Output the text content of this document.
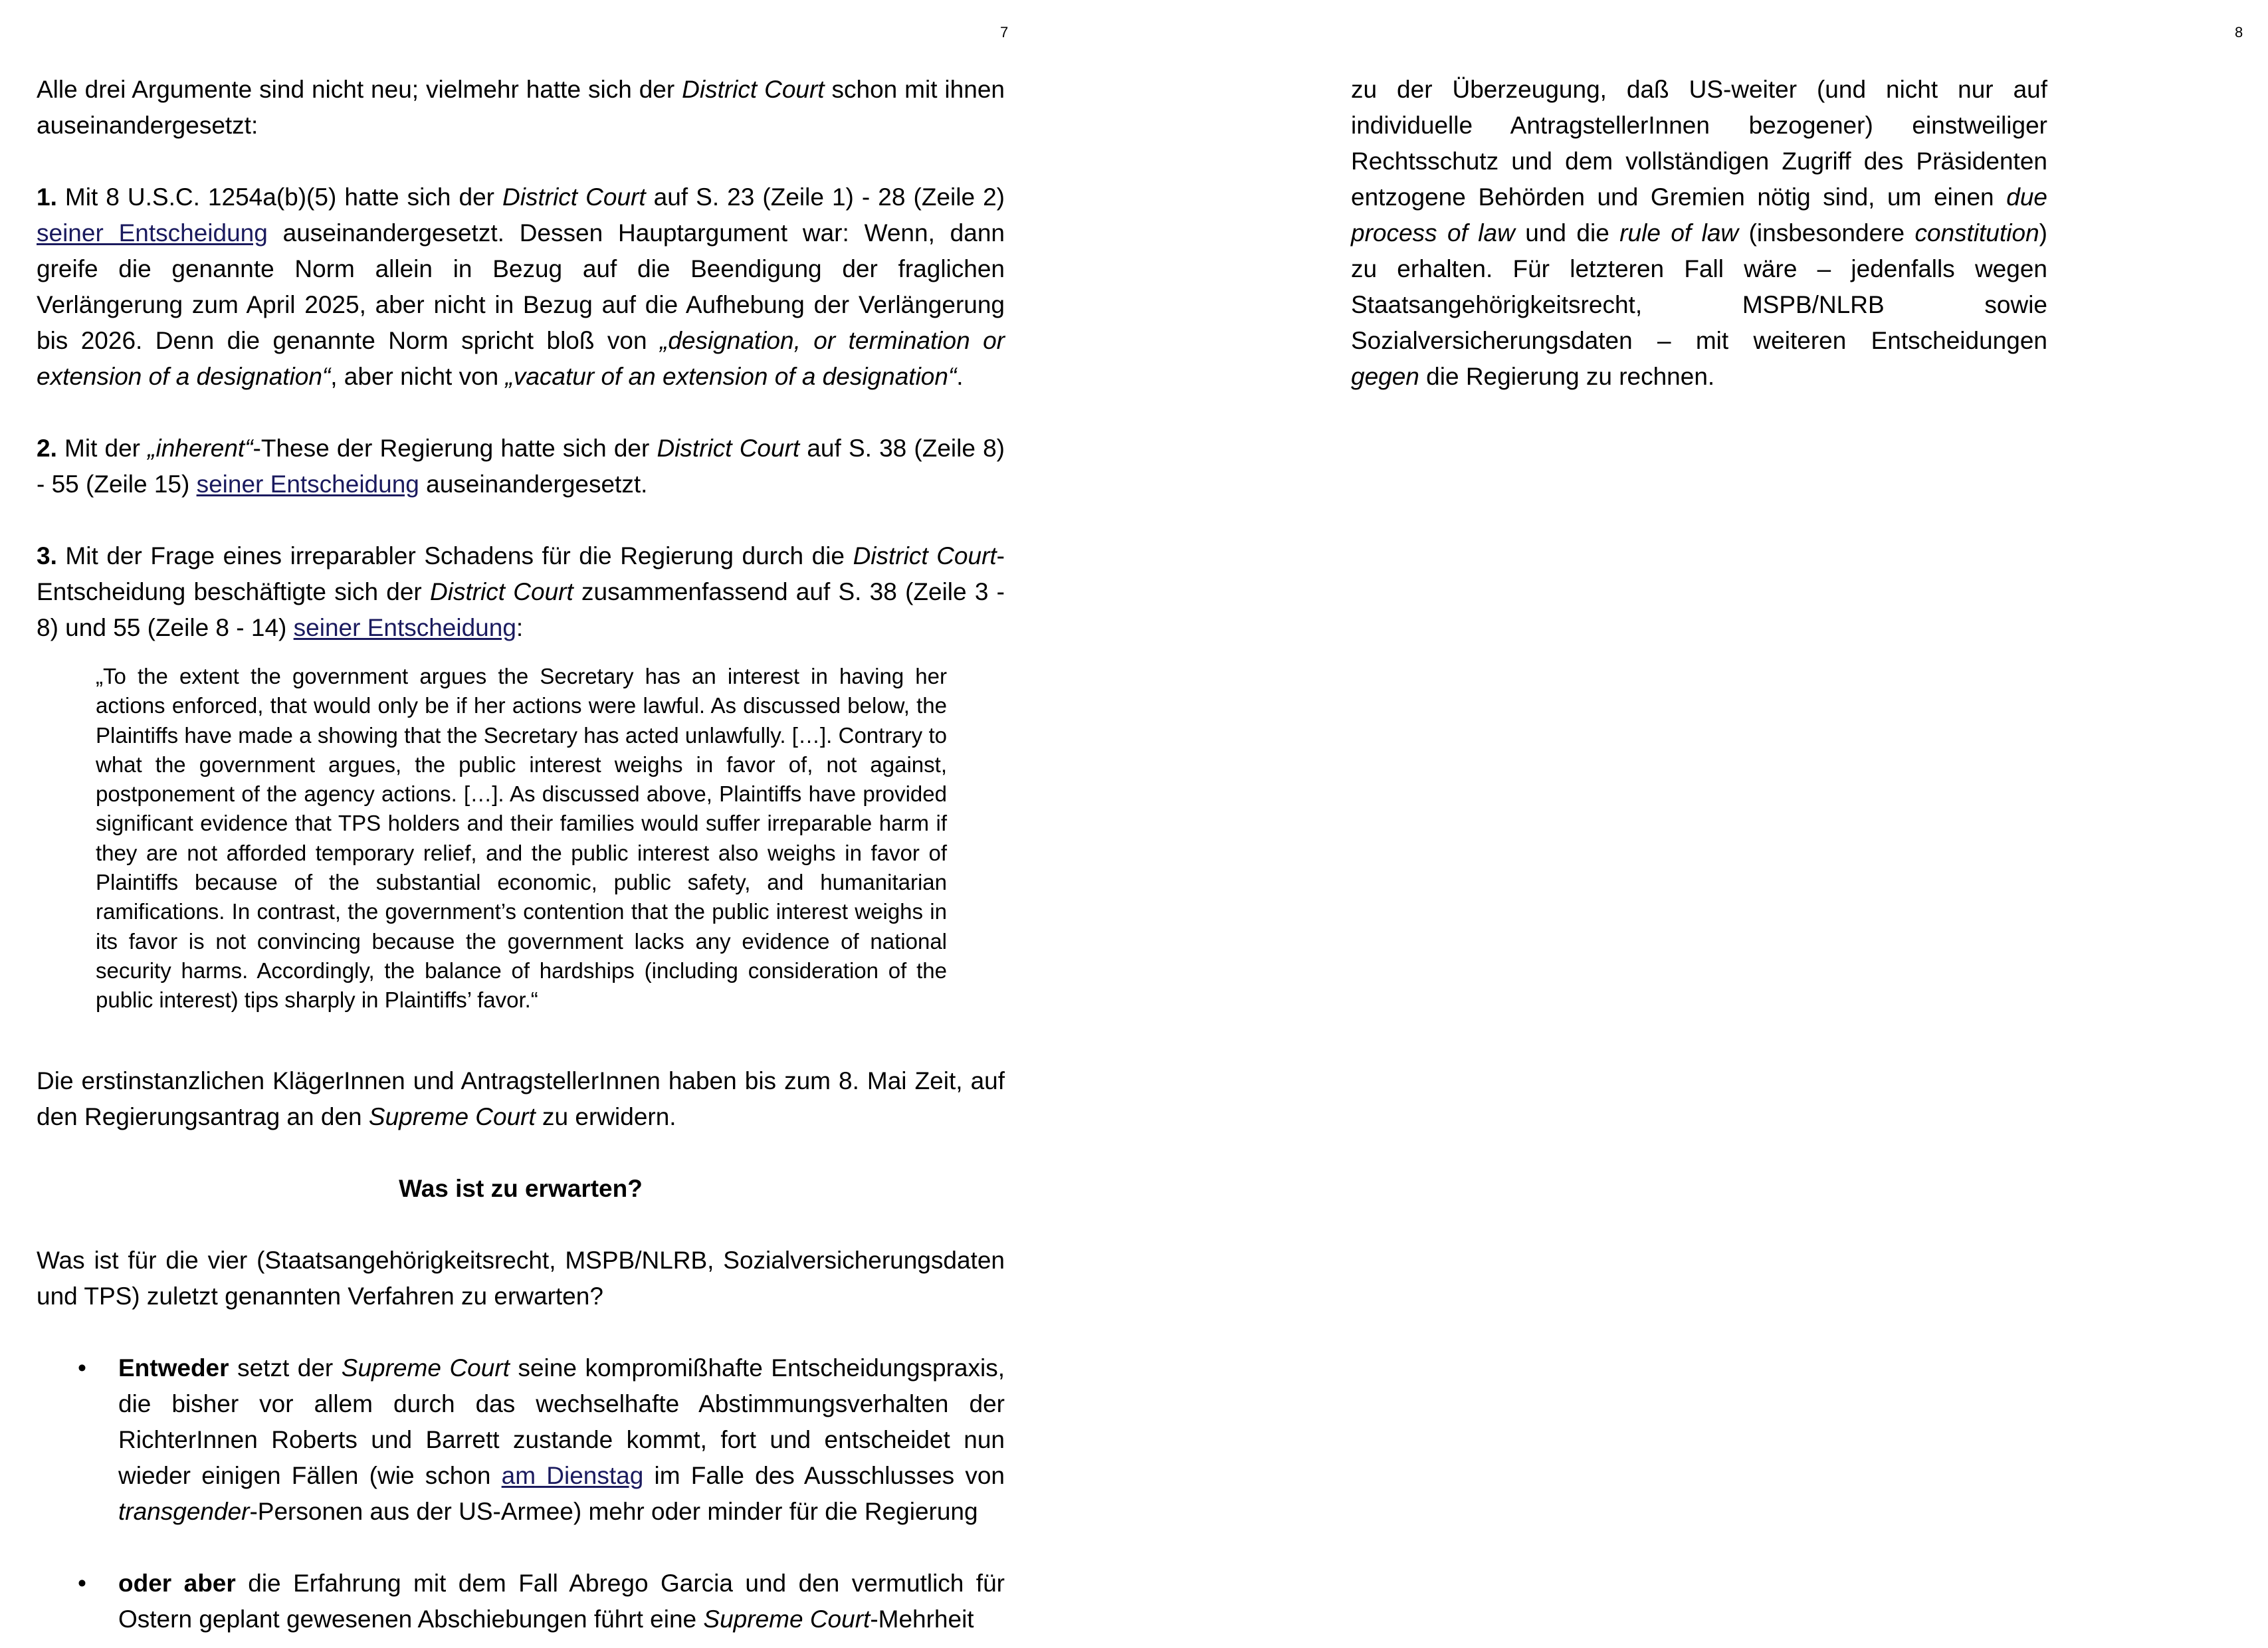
7

Alle drei Argumente sind nicht neu; vielmehr hatte sich der District Court schon mit ihnen auseinandergesetzt:

1. Mit 8 U.S.C. 1254a(b)(5) hatte sich der District Court auf S. 23 (Zeile 1) - 28 (Zeile 2) seiner Entscheidung auseinandergesetzt. Dessen Hauptargument war: Wenn, dann greife die genannte Norm allein in Bezug auf die Beendigung der fraglichen Verlängerung zum April 2025, aber nicht in Bezug auf die Aufhebung der Verlängerung bis 2026. Denn die genannte Norm spricht bloß von „designation, or termination or extension of a designation“, aber nicht von „vacatur of an extension of a designation“.

2. Mit der „inherent“-These der Regierung hatte sich der District Court auf S. 38 (Zeile 8) - 55 (Zeile 15) seiner Entscheidung auseinandergesetzt.

3. Mit der Frage eines irreparabler Schadens für die Regierung durch die District Court-Entscheidung beschäftigte sich der District Court zusammenfassend auf S. 38 (Zeile 3 - 8) und 55 (Zeile 8 - 14) seiner Entscheidung:

„To the extent the government argues the Secretary has an interest in having her actions enforced, that would only be if her actions were lawful. As discussed below, the Plaintiffs have made a showing that the Secretary has acted unlawfully. […]. Contrary to what the government argues, the public interest weighs in favor of, not against, postponement of the agency actions. […]. As discussed above, Plaintiffs have provided significant evidence that TPS holders and their families would suffer irreparable harm if they are not afforded temporary relief, and the public interest also weighs in favor of Plaintiffs because of the substantial economic, public safety, and humanitarian ramifications. In contrast, the government’s contention that the public interest weighs in its favor is not convincing because the government lacks any evidence of national security harms. Accordingly, the balance of hardships (including consideration of the public interest) tips sharply in Plaintiffs’ favor.“

Die erstinstanzlichen KlägerInnen und AntragstellerInnen haben bis zum 8. Mai Zeit, auf den Regierungsantrag an den Supreme Court zu erwidern.

Was ist zu erwarten?

Was ist für die vier (Staatsangehörigkeitsrecht, MSPB/NLRB, Sozialversicherungsdaten und TPS) zuletzt genannten Verfahren zu erwarten?

• Entweder setzt der Supreme Court seine kompromißhafte Entscheidungspraxis, die bisher vor allem durch das wechselhafte Abstimmungsverhalten der RichterInnen Roberts und Barrett zustande kommt, fort und entscheidet nun wieder einigen Fällen (wie schon am Dienstag im Falle des Ausschlusses von transgender-Personen aus der US-Armee) mehr oder minder für die Regierung
• oder aber die Erfahrung mit dem Fall Abrego Garcia und den vermutlich für Ostern geplant gewesenen Abschiebungen führt eine Supreme Court-Mehrheit
8

zu der Überzeugung, daß US-weiter (und nicht nur auf individuelle AntragstellerInnen bezogener) einstweiliger Rechtsschutz und dem vollständigen Zugriff des Präsidenten entzogene Behörden und Gremien nötig sind, um einen due process of law und die rule of law (insbesondere constitution) zu erhalten. Für letzteren Fall wäre – jedenfalls wegen Staatsangehörigkeitsrecht, MSPB/NLRB sowie Sozialversicherungsdaten – mit weiteren Entscheidungen gegen die Regierung zu rechnen.
